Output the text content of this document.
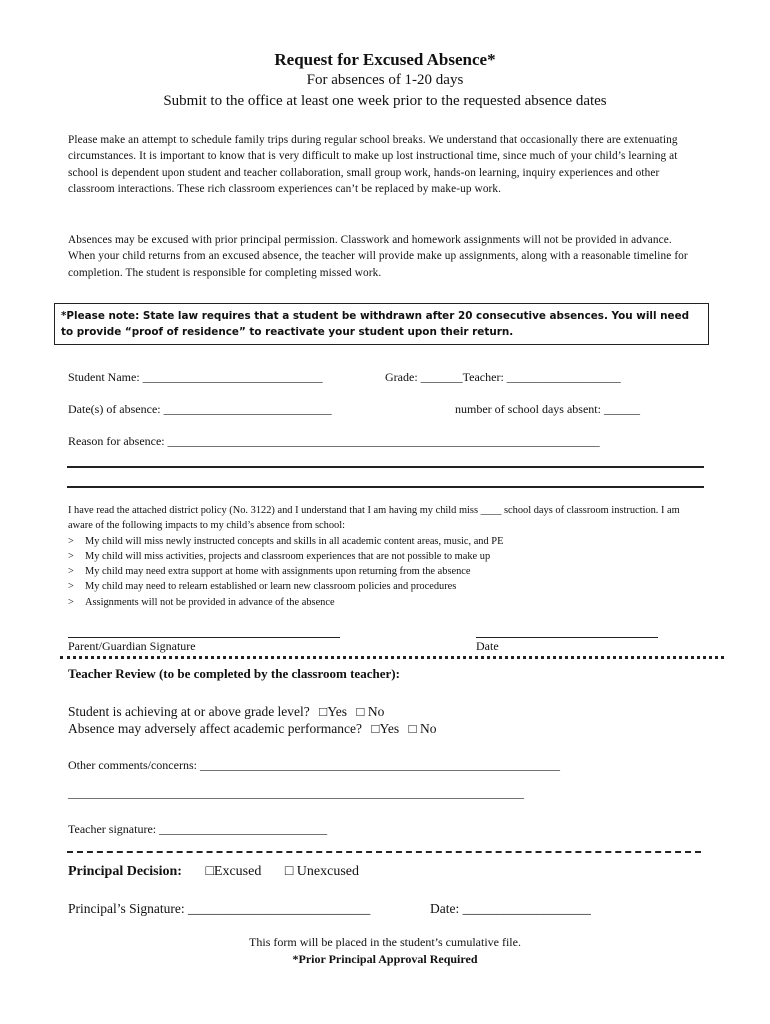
Request for Excused Absence*
For absences of 1-20 days
Submit to the office at least one week prior to the requested absence dates
Please make an attempt to schedule family trips during regular school breaks. We understand that occasionally there are extenuating circumstances. It is important to know that is very difficult to make up lost instructional time, since much of your child’s learning at school is dependent upon student and teacher collaboration, small group work, hands-on learning, inquiry experiences and other classroom interactions. These rich classroom experiences can’t be replaced by make-up work.
Absences may be excused with prior principal permission. Classwork and homework assignments will not be provided in advance. When your child returns from an excused absence, the teacher will provide make up assignments, along with a reasonable timeline for completion. The student is responsible for completing missed work.
*Please note: State law requires that a student be withdrawn after 20 consecutive absences. You will need to provide “proof of residence” to reactivate your student upon their return.
Student Name: ______________________________	Grade: _______Teacher: ___________________
Date(s) of absence: ____________________________	number of school days absent: ______
Reason for absence: ________________________________________________________________________
I have read the attached district policy (No. 3122) and I understand that I am having my child miss ____ school days of classroom instruction. I am aware of the following impacts to my child’s absence from school:
> My child will miss newly instructed concepts and skills in all academic content areas, music, and PE
> My child will miss activities, projects and classroom experiences that are not possible to make up
> My child may need extra support at home with assignments upon returning from the absence
> My child may need to relearn established or learn new classroom policies and procedures
> Assignments will not be provided in advance of the absence
Parent/Guardian Signature	Date
Teacher Review (to be completed by the classroom teacher):
Student is achieving at or above grade level? □Yes □ No
Absence may adversely affect academic performance? □Yes □ No
Other comments/concerns: ____________________________________________________________
____________________________________________________________________________
Teacher signature: ____________________________
Principal Decision: □Excused □ Unexcused
Principal’s Signature: ___________________________	Date: ___________________
This form will be placed in the student’s cumulative file.
*Prior Principal Approval Required
